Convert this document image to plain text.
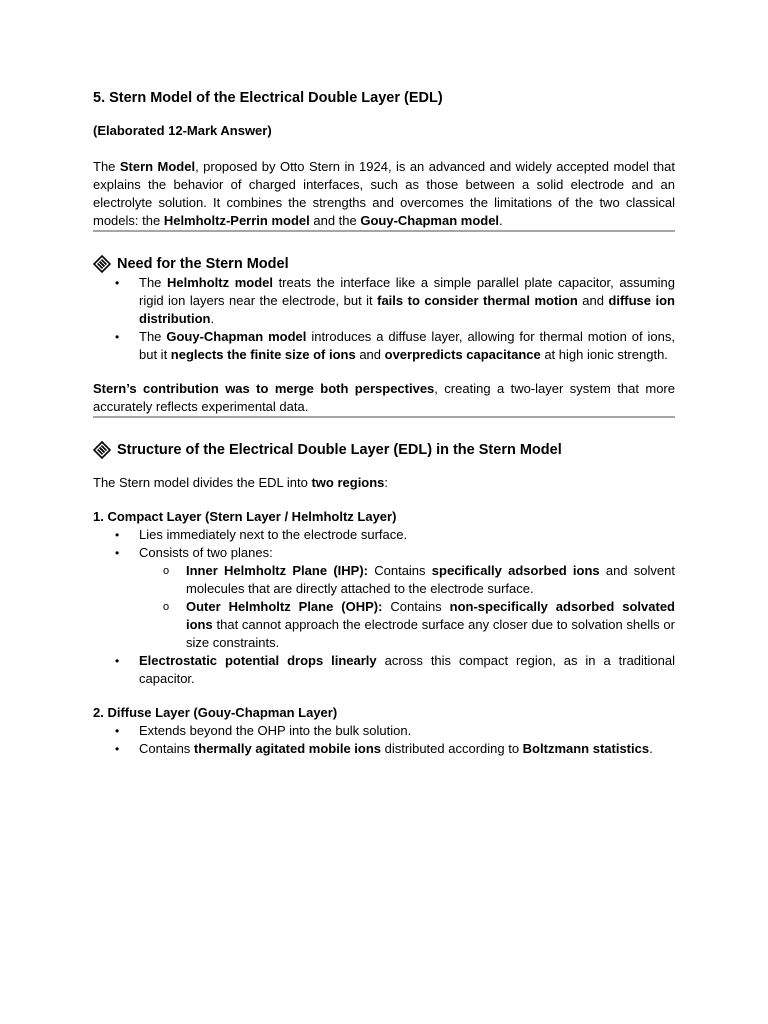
5. Stern Model of the Electrical Double Layer (EDL)
(Elaborated 12-Mark Answer)

The Stern Model, proposed by Otto Stern in 1924, is an advanced and widely accepted model that explains the behavior of charged interfaces, such as those between a solid electrode and an electrolyte solution. It combines the strengths and overcomes the limitations of the two classical models: the Helmholtz-Perrin model and the Gouy-Chapman model.

Need for the Stern Model
• The Helmholtz model treats the interface like a simple parallel plate capacitor, assuming rigid ion layers near the electrode, but it fails to consider thermal motion and diffuse ion distribution.
• The Gouy-Chapman model introduces a diffuse layer, allowing for thermal motion of ions, but it neglects the finite size of ions and overpredicts capacitance at high ionic strength.

Stern’s contribution was to merge both perspectives, creating a two-layer system that more accurately reflects experimental data.

Structure of the Electrical Double Layer (EDL) in the Stern Model

The Stern model divides the EDL into two regions:

1. Compact Layer (Stern Layer / Helmholtz Layer)
• Lies immediately next to the electrode surface.
• Consists of two planes:
o Inner Helmholtz Plane (IHP): Contains specifically adsorbed ions and solvent molecules that are directly attached to the electrode surface.
o Outer Helmholtz Plane (OHP): Contains non-specifically adsorbed solvated ions that cannot approach the electrode surface any closer due to solvation shells or size constraints.
• Electrostatic potential drops linearly across this compact region, as in a traditional capacitor.
2. Diffuse Layer (Gouy-Chapman Layer)
• Extends beyond the OHP into the bulk solution.
• Contains thermally agitated mobile ions distributed according to Boltzmann statistics.
